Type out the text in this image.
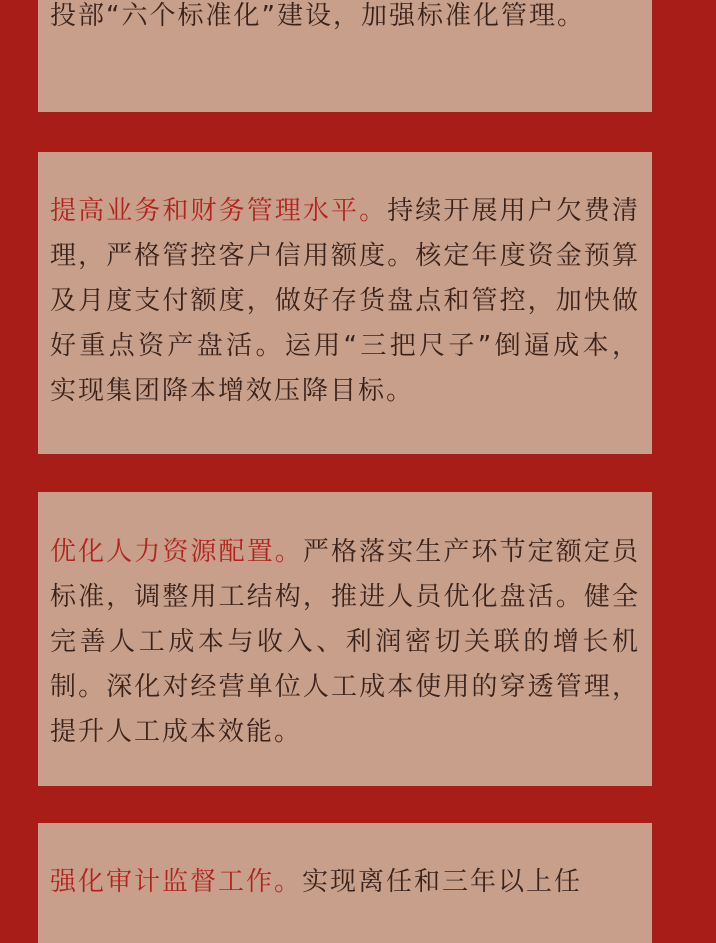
投部“六个标准化”建设，加强标准化管理。

提高业务和财务管理水平。持续开展用户欠费清理，严格管控客户信用额度。核定年度资金预算及月度支付额度，做好存货盘点和管控，加快做好重点资产盘活。运用“三把尺子”倒逼成本，实现集团降本增效压降目标。

优化人力资源配置。严格落实生产环节定额定员标准，调整用工结构，推进人员优化盘活。健全完善人工成本与收入、利润密切关联的增长机制。深化对经营单位人工成本使用的穿透管理，提升人工成本效能。

强化审计监督工作。实现离任和三年以上任
